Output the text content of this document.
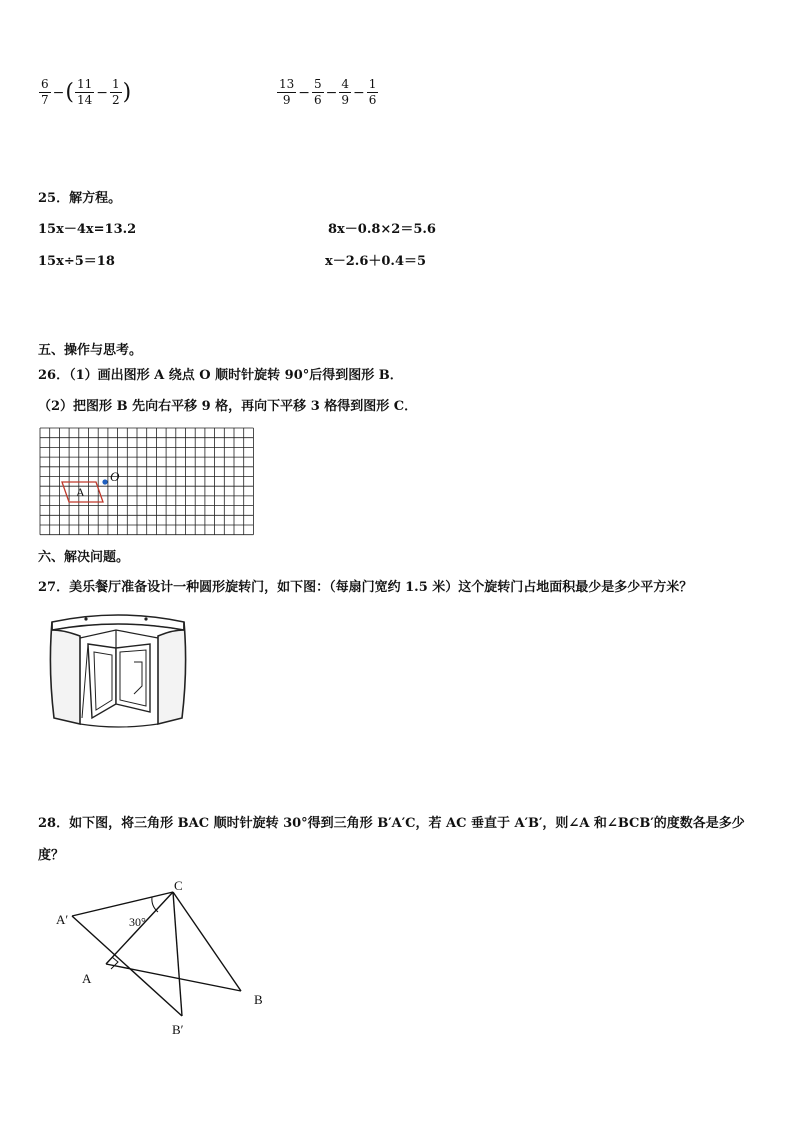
$\frac{6}{7}$ − ( $\frac{11}{14} - \frac{1}{2}$ )	$\frac{13}{9} - \frac{5}{6} - \frac{4}{9} - \frac{1}{6}$
25．解方程。
15x－4x=13.2	8x－0.8×2＝5.6
15x÷5＝18	x－2.6＋0.4＝5
五、操作与思考。
26．（1）画出图形 A 绕点 O 顺时针旋转 90°后得到图形 B．
（2）把图形 B 先向右平移 9 格，再向下平移 3 格得到图形 C．
A
O
六、解决问题。
27．美乐餐厅准备设计一种圆形旋转门，如下图：（每扇门宽约 1.5 米）这个旋转门占地面积最少是多少平方米？
28．如下图，将三角形 BAC 顺时针旋转 30°得到三角形 B′A′C，若 AC 垂直于 A′B′，则∠A 和∠BCB′的度数各是多少
度？
C
A′
A
B
B′
30°
